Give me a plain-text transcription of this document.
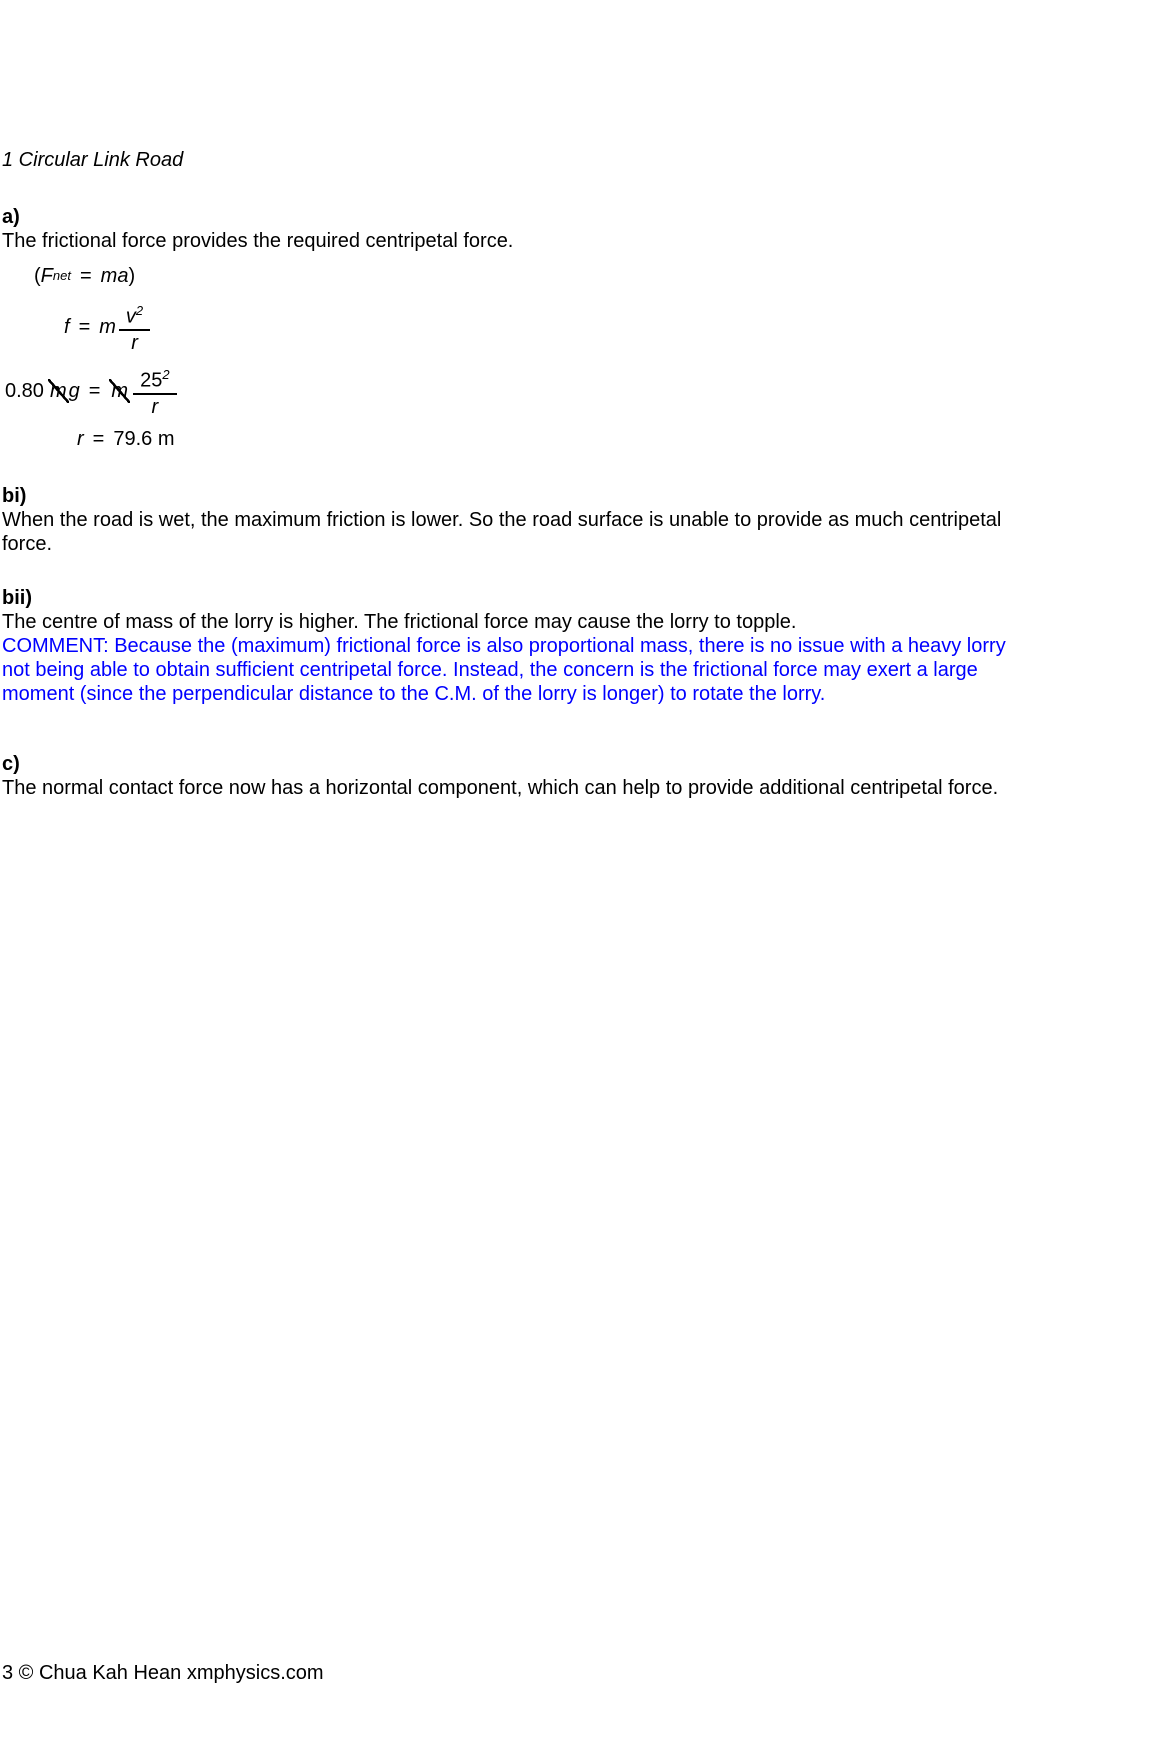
1 Circular Link Road
a)
The frictional force provides the required centripetal force.
( F net = ma )
f = m $\frac{v^2}{r}$
0.80 m g = m $\frac{25^2}{r}$
r = 79.6 m
bi)
When the road is wet, the maximum friction is lower. So the road surface is unable to provide as much centripetal
force.
bii)
The centre of mass of the lorry is higher. The frictional force may cause the lorry to topple.
COMMENT: Because the (maximum) frictional force is also proportional mass, there is no issue with a heavy lorry
not being able to obtain sufficient centripetal force. Instead, the concern is the frictional force may exert a large
moment (since the perpendicular distance to the C.M. of the lorry is longer) to rotate the lorry.
c)
The normal contact force now has a horizontal component, which can help to provide additional centripetal force.
3 © Chua Kah Hean xmphysics.com
